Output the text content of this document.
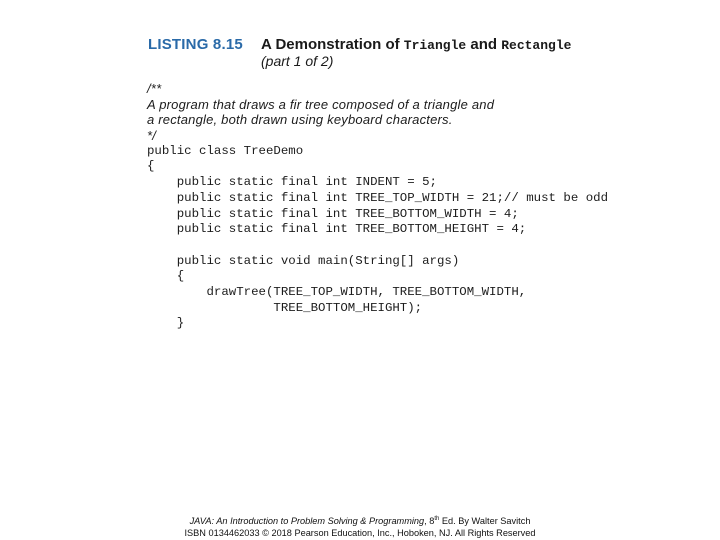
LISTING 8.15 A Demonstration of Triangle and Rectangle
(part 1 of 2)
/**
A program that draws a fir tree composed of a triangle and
a rectangle, both drawn using keyboard characters.
*/
public class TreeDemo
{
public static final int INDENT = 5;
public static final int TREE_TOP_WIDTH = 21;// must be odd
public static final int TREE_BOTTOM_WIDTH = 4;
public static final int TREE_BOTTOM_HEIGHT = 4;
public static void main(String[] args)
{
drawTree(TREE_TOP_WIDTH, TREE_BOTTOM_WIDTH,
TREE_BOTTOM_HEIGHT);
}
JAVA: An Introduction to Problem Solving & Programming, 8th Ed. By Walter Savitch
ISBN 0134462033 © 2018 Pearson Education, Inc., Hoboken, NJ. All Rights Reserved
